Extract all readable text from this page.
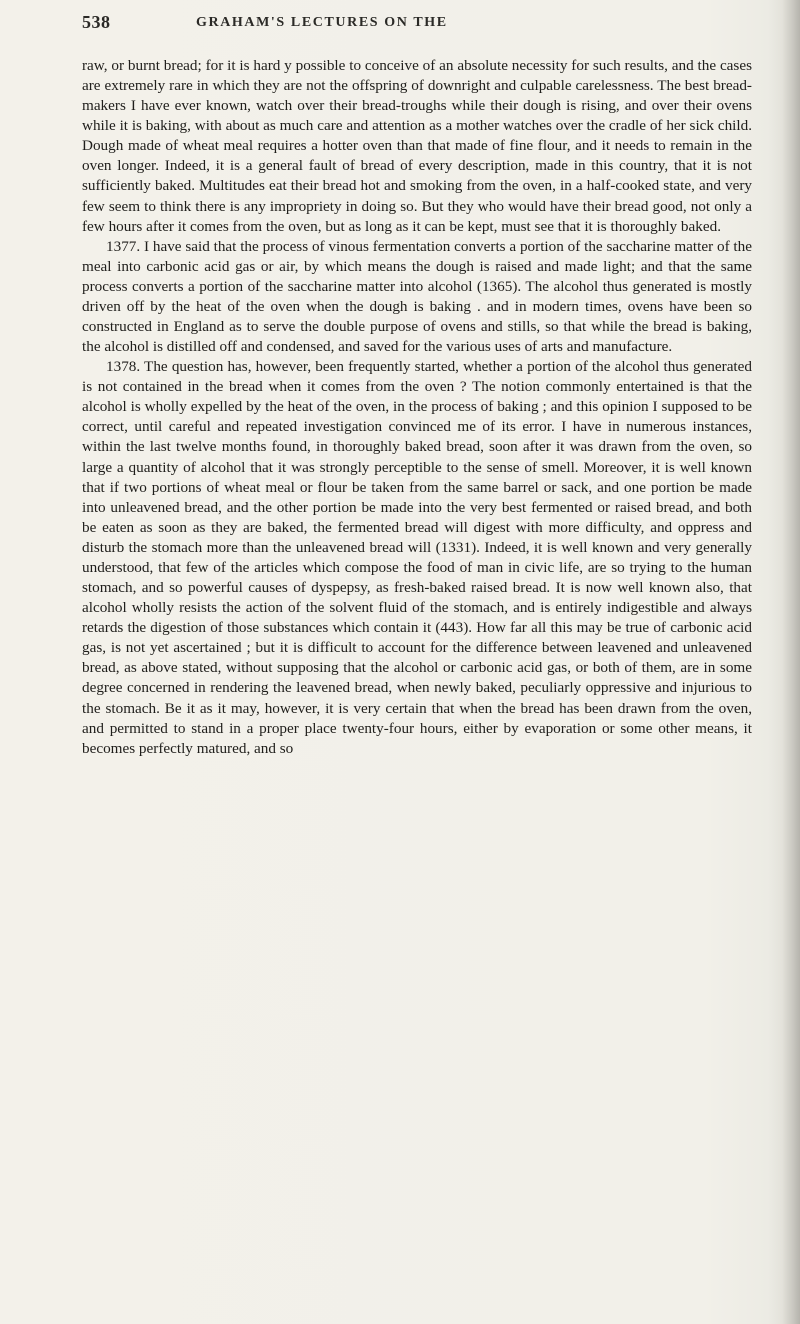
538	GRAHAM'S LECTURES ON THE

raw, or burnt bread; for it is hard y possible to conceive of an absolute necessity for such results, and the cases are extremely rare in which they are not the offspring of downright and culpable carelessness. The best bread-makers I have ever known, watch over their bread-troughs while their dough is rising, and over their ovens while it is baking, with about as much care and attention as a mother watches over the cradle of her sick child. Dough made of wheat meal requires a hotter oven than that made of fine flour, and it needs to remain in the oven longer. Indeed, it is a general fault of bread of every description, made in this country, that it is not sufficiently baked. Multitudes eat their bread hot and smoking from the oven, in a half-cooked state, and very few seem to think there is any impropriety in doing so. But they who would have their bread good, not only a few hours after it comes from the oven, but as long as it can be kept, must see that it is thoroughly baked.

1377. I have said that the process of vinous fermentation converts a portion of the saccharine matter of the meal into carbonic acid gas or air, by which means the dough is raised and made light; and that the same process converts a portion of the saccharine matter into alcohol (1365). The alcohol thus generated is mostly driven off by the heat of the oven when the dough is baking . and in modern times, ovens have been so constructed in England as to serve the double purpose of ovens and stills, so that while the bread is baking, the alcohol is distilled off and condensed, and saved for the various uses of arts and manufacture.

1378. The question has, however, been frequently started, whether a portion of the alcohol thus generated is not contained in the bread when it comes from the oven ? The notion commonly entertained is that the alcohol is wholly expelled by the heat of the oven, in the process of baking ; and this opinion I supposed to be correct, until careful and repeated investigation convinced me of its error. I have in numerous instances, within the last twelve months found, in thoroughly baked bread, soon after it was drawn from the oven, so large a quantity of alcohol that it was strongly perceptible to the sense of smell. Moreover, it is well known that if two portions of wheat meal or flour be taken from the same barrel or sack, and one portion be made into unleavened bread, and the other portion be made into the very best fermented or raised bread, and both be eaten as soon as they are baked, the fermented bread will digest with more difficulty, and oppress and disturb the stomach more than the unleavened bread will (1331). Indeed, it is well known and very generally understood, that few of the articles which compose the food of man in civic life, are so trying to the human stomach, and so powerful causes of dyspepsy, as fresh-baked raised bread. It is now well known also, that alcohol wholly resists the action of the solvent fluid of the stomach, and is entirely indigestible and always retards the digestion of those substances which contain it (443). How far all this may be true of carbonic acid gas, is not yet ascertained ; but it is difficult to account for the difference between leavened and unleavened bread, as above stated, without supposing that the alcohol or carbonic acid gas, or both of them, are in some degree concerned in rendering the leavened bread, when newly baked, peculiarly oppressive and injurious to the stomach. Be it as it may, however, it is very certain that when the bread has been drawn from the oven, and permitted to stand in a proper place twenty-four hours, either by evaporation or some other means, it becomes perfectly matured, and so
